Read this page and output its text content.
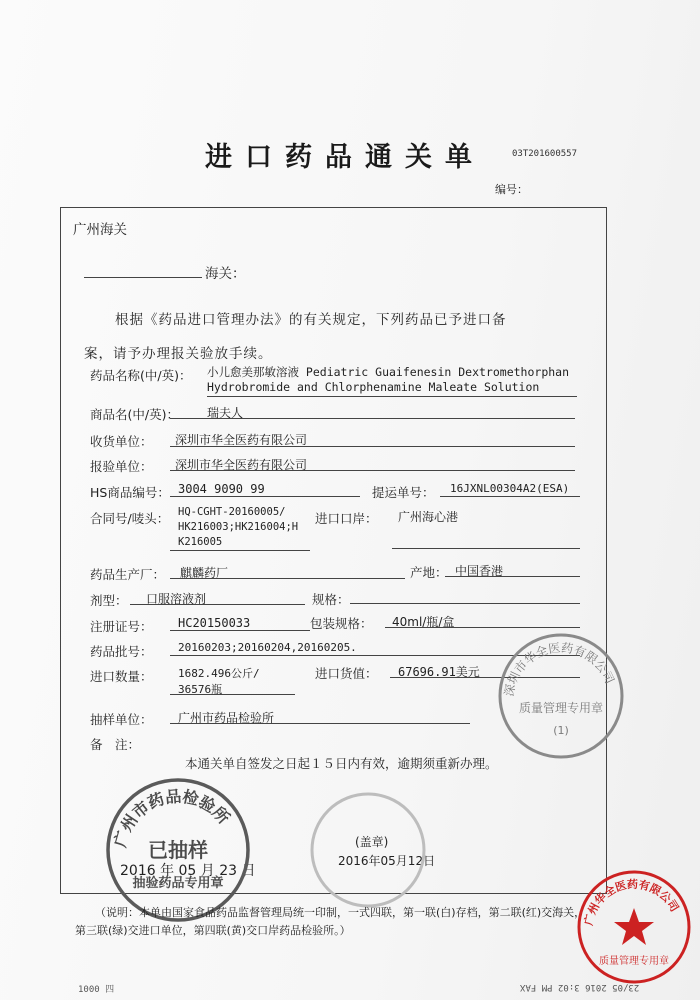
进口药品通关单	03T201600557
编号：
广州海关
海关：
根据《药品进口管理办法》的有关规定，下列药品已予进口备
案，请予办理报关验放手续。
药品名称(中/英)： 小儿愈美那敏溶液 Pediatric Guaifenesin Dextromethorphan
Hydrobromide and Chlorphenamine Maleate Solution
商品名(中/英)： 瑞夫人
收货单位： 深圳市华全医药有限公司
报验单位： 深圳市华全医药有限公司
HS商品编号： 3004 9090 99	提运单号： 16JXNL00304A2(ESA)
合同号/唛头： HQ-CGHT-20160005/
HK216003;HK216004;H
K216005
进口口岸： 广州海心港
药品生产厂： 麒麟药厂	产地： 中国香港
剂型： 口服溶液剂	规格：
注册证号： HC20150033	包装规格： 40ml/瓶/盒
药品批号： 20160203;20160204,20160205.
进口数量： 1682.496公斤/
36576瓶
进口货值： 67696.91美元
抽样单位： 广州市药品检验所
备　注：
本通关单自签发之日起１５日内有效，逾期须重新办理。
2016 年 05 月 23 日
(盖章)
2016年05月12日
广州市药品检验所
已抽样
抽验药品专用章
深圳市华全医药有限公司
质量管理专用章
(1)
广州华全医药有限公司
质量管理专用章
（说明：本单由国家食品药品监督管理局统一印制，一式四联，第一联(白)存档，第二联(红)交海关，
第三联(绿)交进口单位，第四联(黄)交口岸药品检验所。）
1000 四	23/05 2016 3:02 PM FAX
